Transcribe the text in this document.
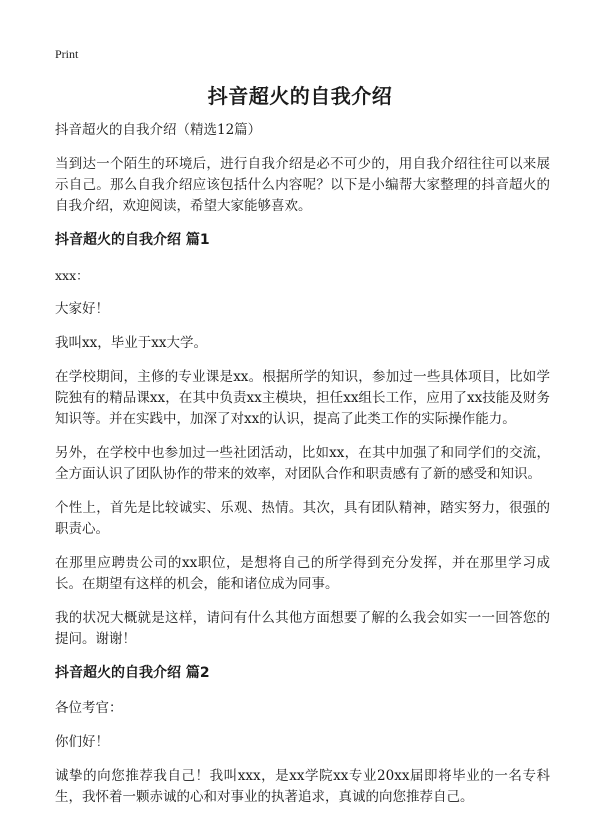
Print
抖音超火的自我介绍

抖音超火的自我介绍（精选12篇）

当到达一个陌生的环境后，进行自我介绍是必不可少的，用自我介绍往往可以来展示自己。那么自我介绍应该包括什么内容呢？以下是小编帮大家整理的抖音超火的自我介绍，欢迎阅读，希望大家能够喜欢。

抖音超火的自我介绍 篇1

xxx：

大家好！

我叫xx，毕业于xx大学。

在学校期间，主修的专业课是xx。根据所学的知识，参加过一些具体项目，比如学院独有的精品课xx，在其中负责xx主模块，担任xx组长工作，应用了xx技能及财务知识等。并在实践中，加深了对xx的认识，提高了此类工作的实际操作能力。

另外，在学校中也参加过一些社团活动，比如xx，在其中加强了和同学们的交流，全方面认识了团队协作的带来的效率，对团队合作和职责感有了新的感受和知识。

个性上，首先是比较诚实、乐观、热情。其次，具有团队精神，踏实努力，很强的职责心。

在那里应聘贵公司的xx职位，是想将自己的所学得到充分发挥，并在那里学习成长。在期望有这样的机会，能和诸位成为同事。

我的状况大概就是这样，请问有什么其他方面想要了解的么我会如实一一回答您的提问。谢谢！

抖音超火的自我介绍 篇2

各位考官：

你们好！

诚挚的向您推荐我自己！我叫xxx，是xx学院xx专业20xx届即将毕业的一名专科生，我怀着一颗赤诚的心和对事业的执著追求，真诚的向您推荐自己。
